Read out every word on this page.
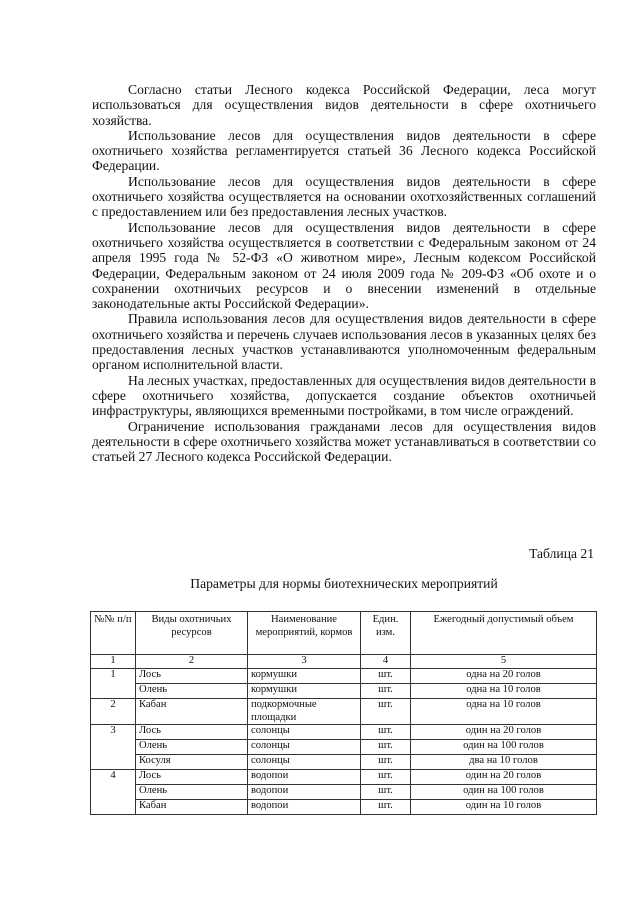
Согласно статьи Лесного кодекса Российской Федерации, леса могут использоваться для осуществления видов деятельности в сфере охотничьего хозяйства.

Использование лесов для осуществления видов деятельности в сфере охотничьего хозяйства регламентируется статьей 36 Лесного кодекса Российской Федерации.

Использование лесов для осуществления видов деятельности в сфере охотничьего хозяйства осуществляется на основании охотхозяйственных соглашений с предоставлением или без предоставления лесных участков.

Использование лесов для осуществления видов деятельности в сфере охотничьего хозяйства осуществляется в соответствии с Федеральным законом от 24 апреля 1995 года № 52-ФЗ «О животном мире», Лесным кодексом Российской Федерации, Федеральным законом от 24 июля 2009 года № 209-ФЗ «Об охоте и о сохранении охотничьих ресурсов и о внесении изменений в отдельные законодательные акты Российской Федерации».

Правила использования лесов для осуществления видов деятельности в сфере охотничьего хозяйства и перечень случаев использования лесов в указанных целях без предоставления лесных участков устанавливаются уполномоченным федеральным органом исполнительной власти.

На лесных участках, предоставленных для осуществления видов деятельности в сфере охотничьего хозяйства, допускается создание объектов охотничьей инфраструктуры, являющихся временными постройками, в том числе ограждений.

Ограничение использования гражданами лесов для осуществления видов деятельности в сфере охотничьего хозяйства может устанавливаться в соответствии со статьей 27 Лесного кодекса Российской Федерации.

Таблица 21
Параметры для нормы биотехнических мероприятий
№№ п/п	Виды охотничьих ресурсов	Наименование мероприятий, кормов	Един. изм.	Ежегодный допустимый объем
1	2	3	4	5
1	Лось	кормушки	шт.	одна на 20 голов
	Олень	кормушки	шт.	одна на 10 голов
2	Кабан	подкормочные площадки	шт.	одна на 10 голов
3	Лось	солонцы	шт.	один на 20 голов
	Олень	солонцы	шт.	один на 100 голов
	Косуля	солонцы	шт.	два на 10 голов
4	Лось	водопои	шт.	один на 20 голов
	Олень	водопои	шт.	один на 100 голов
	Кабан	водопои	шт.	один на 10 голов
